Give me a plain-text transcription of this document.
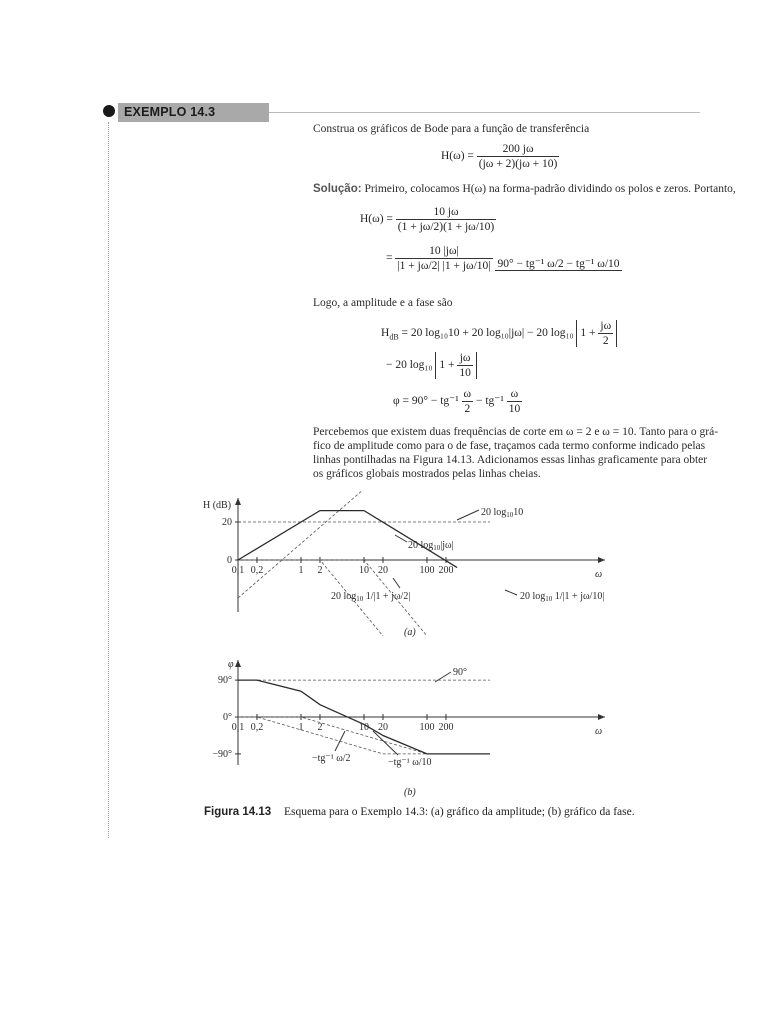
EXEMPLO 14.3
Construa os gráficos de Bode para a função de transferência
$H(\omega) = \frac{200 j\omega}{(j\omega + 2)(j\omega + 10)}$
Solução: Primeiro, colocamos H(ω) na forma-padrão dividindo os polos e zeros. Portanto,
$H(\omega) = \frac{10 j\omega}{(1 + j\omega/2)(1 + j\omega/10)}$
= $\frac{10 |j\omega|}{|1 + j\omega/2| |1 + j\omega/10|} 90^\circ - tg^{-1}$ ω/2 − tg⁻¹ ω/10
Logo, a amplitude e a fase são
$H_{dB} = 20$ log₁₀10 + 20 log₁₀|jω| − 20 log₁₀ $1 + \frac{j\omega}{2}$
− 20 log₁₀ $1 + \frac{j\omega}{10}$
$\varphi = 90^\circ - tg^{-1} \frac{\omega}{2} - tg^{-1} \frac{\omega}{10}$
Percebemos que existem duas frequências de corte em ω = 2 e ω = 10. Tanto para o grá-
fico de amplitude como para o de fase, traçamos cada termo conforme indicado pelas
linhas pontilhadas na Figura 14.13. Adicionamos essas linhas graficamente para obter
os gráficos globais mostrados pelas linhas cheias.
0,1 0,2	1 2	10 20	100 200
0
20
H (dB)
ω
(a)
20 $\log_{10}10$
20 $\log_{10}|j\omega|$
20 $\log_{10} 1/|1 + j\omega/2|$	20 $\log_{10} 1/|1 + j\omega/10|$
0,1 0,2	1 2	10 20	100 200
90°
0°
−90°
φ
ω
(b)
90°
−tg⁻¹ ω/2	−tg⁻¹ ω/10
Figura 14.13 Esquema para o Exemplo 14.3: (a) gráfico da amplitude; (b) gráfico da fase.
